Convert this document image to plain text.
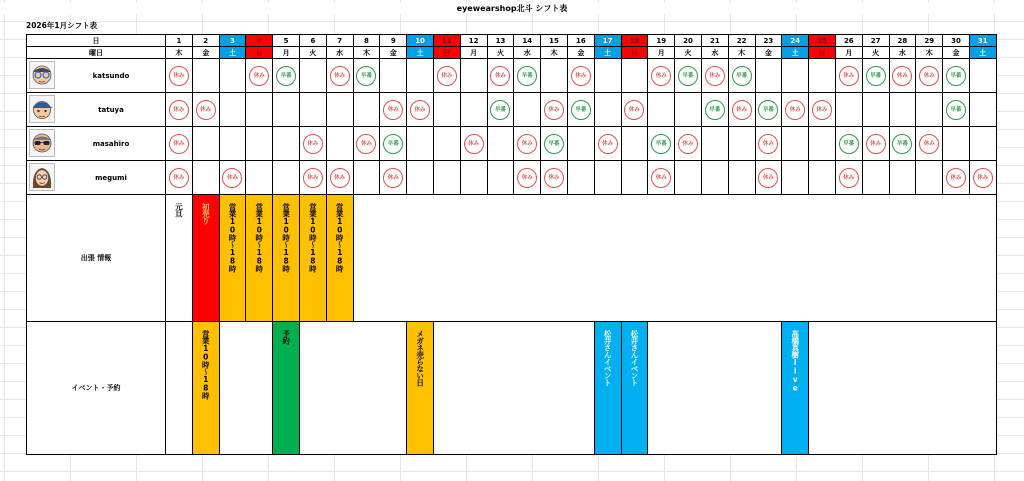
eyewearshop北斗 シフト表
2026年1月シフト表
日	1	2	3	4	5	6	7	8	9	10	11	12	13	14	15	16	17	18	19	20	21	22	23	24	25	26	27	28	29	30	31
曜日	木	金	土	日	月	火	水	木	金	土	日	月	火	水	木	金	土	日	月	火	水	木	金	土	日	月	火	水	木	金	土

katsundo	休み			休み	早番		休み	早番			休み		休み	早番		休み			休み	早番	休み	早番				休み	早番	休み	休み	早番	

tatuya	休み	休み							休み	休み			早番		休み	早番		休み			早番	休み	早番	休み	休み					早番	

masahiro	休み					休み		休み	早番			休み		休み	早番		休み		早番	休み			休み			早番	休み	早番	休み		

megumi	休み		休み			休み	休み		休み					休み	休み				休み				休み			休み				休み	休み
出張 情報	元旦	初売り	営業10時〜18時	営業10時〜18時	営業10時〜18時	営業10時〜18時	営業10時〜18時																								

イベント・予約		営業10時〜18時			予約					メガネ売らない日							松井さんイベント	松井さんイベント						高橋真樹live							
